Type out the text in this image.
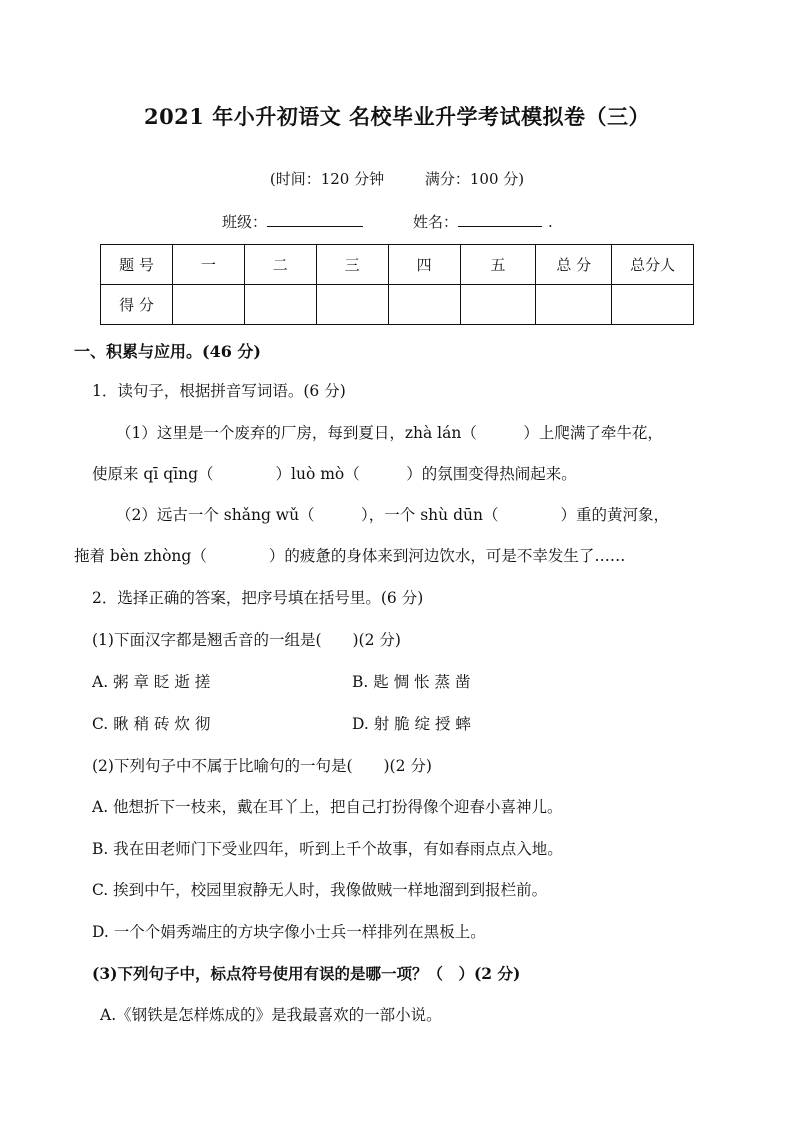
2021 年小升初语文 名校毕业升学考试模拟卷（三）
(时间：120 分钟	满分：100 分)
班级：	姓名：	.
题 号	一	二	三	四	五	总 分	总分人
得 分							
一、积累与应用。(46 分)
1．读句子，根据拼音写词语。(6 分)
（1）这里是一个废弃的厂房，每到夏日，zhà lán（　　　）上爬满了牵牛花，
使原来 qī qīng（　　　　）luò mò（　　　）的氛围变得热闹起来。
（2）远古一个 shǎng wǔ（　　　），一个 shù dūn（　　　　）重的黄河象，
拖着 bèn zhòng（　　　　）的疲惫的身体来到河边饮水，可是不幸发生了……
2．选择正确的答案，把序号填在括号里。(6 分)
(1)下面汉字都是翘舌音的一组是(　　)(2 分)
A. 粥 章 眨 逝 搓	B. 匙 惆 怅 蒸 凿
C. 瞅 稍 砖 炊 彻	D. 射 脆 绽 授 蟀
(2)下列句子中不属于比喻句的一句是(　　)(2 分)
A. 他想折下一枝来，戴在耳丫上，把自己打扮得像个迎春小喜神儿。
B. 我在田老师门下受业四年，听到上千个故事，有如春雨点点入地。
C. 挨到中午，校园里寂静无人时，我像做贼一样地溜到到报栏前。
D. 一个个娟秀端庄的方块字像小士兵一样排列在黑板上。
(3)下列句子中，标点符号使用有误的是哪一项？（　）(2 分)
A.《钢铁是怎样炼成的》是我最喜欢的一部小说。
